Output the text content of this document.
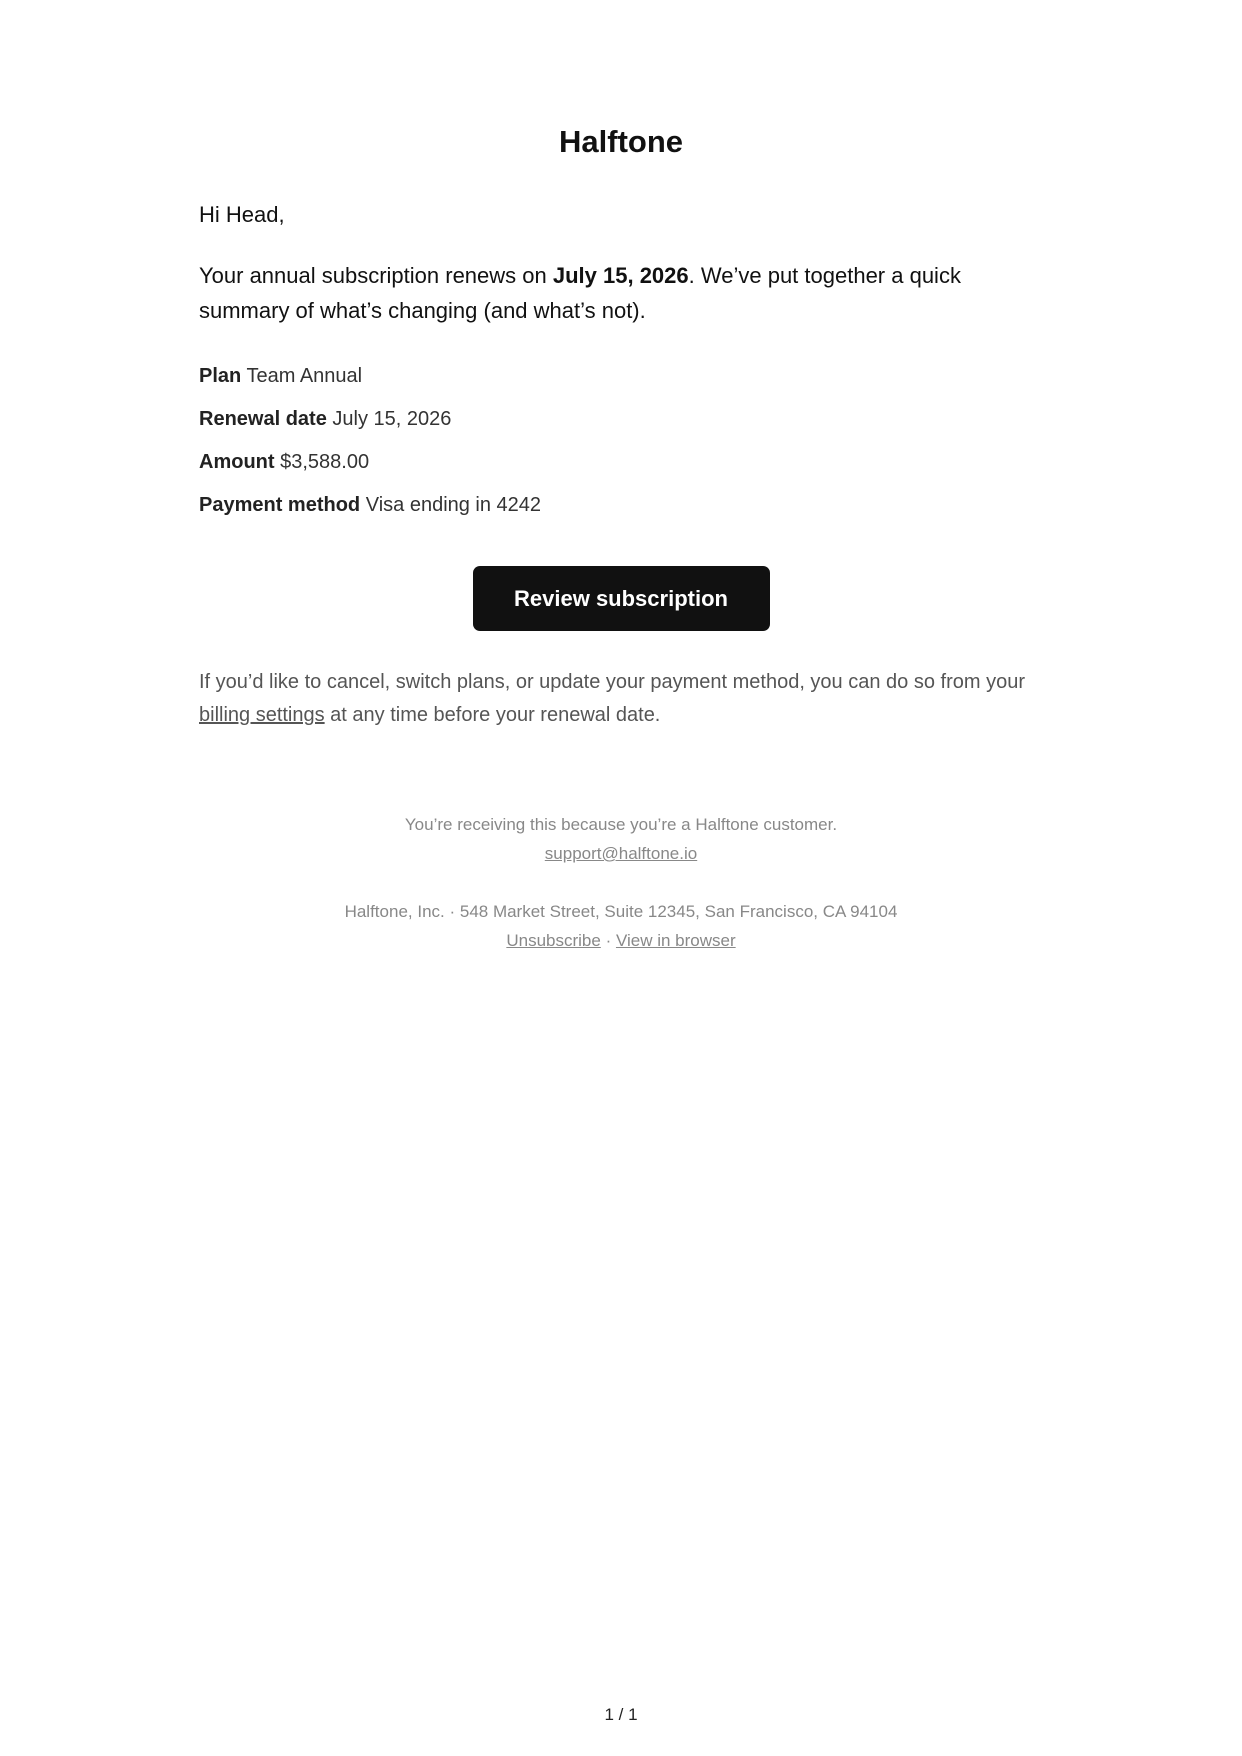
Halftone
Hi Head,
Your annual subscription renews on July 15, 2026. We’ve put together a quick summary of what’s changing (and what’s not).
Plan Team Annual
Renewal date July 15, 2026
Amount $3,588.00
Payment method Visa ending in 4242
Review subscription
If you’d like to cancel, switch plans, or update your payment method, you can do so from your billing settings at any time before your renewal date.
You’re receiving this because you’re a Halftone customer.
support@halftone.io
Halftone, Inc. · 548 Market Street, Suite 12345, San Francisco, CA 94104
Unsubscribe · View in browser
1 / 1
